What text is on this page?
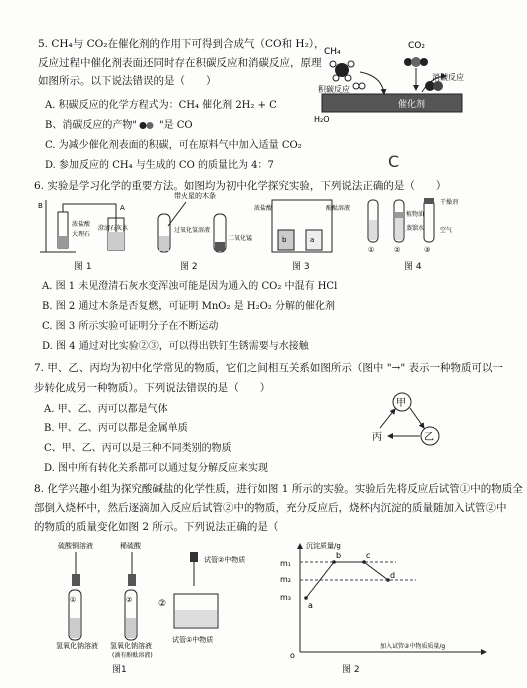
5. CH₄与 CO₂在催化剂的作用下可得到合成气（CO和 H₂），
反应过程中催化剂表面还同时存在积碳反应和消碳反应，原理
如图所示。以下说法错误的是（　　）
催化剂
CH₄
积碳反应
H₂O
CO₂
消碳反应
A. 积碳反应的化学方程式为：CH₄ 催化剂 2H₂ + C
B、消碳反应的产物" "是 CO
C. 为减少催化剂表面的积碳，可在原料气中加入适量 CO₂
D. 参加反应的 CH₄ 与生成的 CO 的质量比为 4：7	C
6. 实验是学习化学的重要方法。如图均为初中化学探究实验，下列说法正确的是（　　）
B	A
浓盐酸
大理石
澄清石灰水
图 1
带火星的木条
过氧化氢溶液
二氧化锰
图 2
浓盐酸	酚酞溶液
b	a
图 3
干燥剂
植物油
蒸馏水	空气
①	②	③
图 4
A. 图 1 未见澄清石灰水变浑浊可能是因为通入的 CO₂ 中混有 HCl
B. 图 2 通过木条是否复燃，可证明 MnO₂ 是 H₂O₂ 分解的催化剂
C. 图 3 所示实验可证明分子在不断运动
D. 图 4 通过对比实验②③，可以得出铁钉生锈需要与水接触
7. 甲、乙、丙均为初中化学常见的物质，它们之间相互关系如图所示（图中 "→" 表示一种物质可以一
步转化成另一种物质）。下列说法错误的是（　　）
甲
乙
丙
A. 甲、乙、丙可以都是气体
B. 甲、乙、丙可以都是金属单质
C、甲、乙、丙可以是三种不同类别的物质
D. 图中所有转化关系都可以通过复分解反应来实现
8. 化学兴趣小组为探究酸碱盐的化学性质，进行如图 1 所示的实验。实验后先将反应后试管①中的物质全
部倒入烧杯中，然后逐滴加入反应后试管②中的物质，充分反应后，烧杯内沉淀的质量随加入试管②中
的物质的质量变化如图 2 所示。下列说法正确的是（
硫酸铜溶液	稀硫酸
氢氧化钠溶液 氢氧化钠溶液
(滴有酚酞溶液)
①	②	②
试管②中物质
试管①中物质
图1
沉淀质量/g
加入试管②中物质质量/g
o
m₁
m₂
m₃
a
b	c
d
图 2
